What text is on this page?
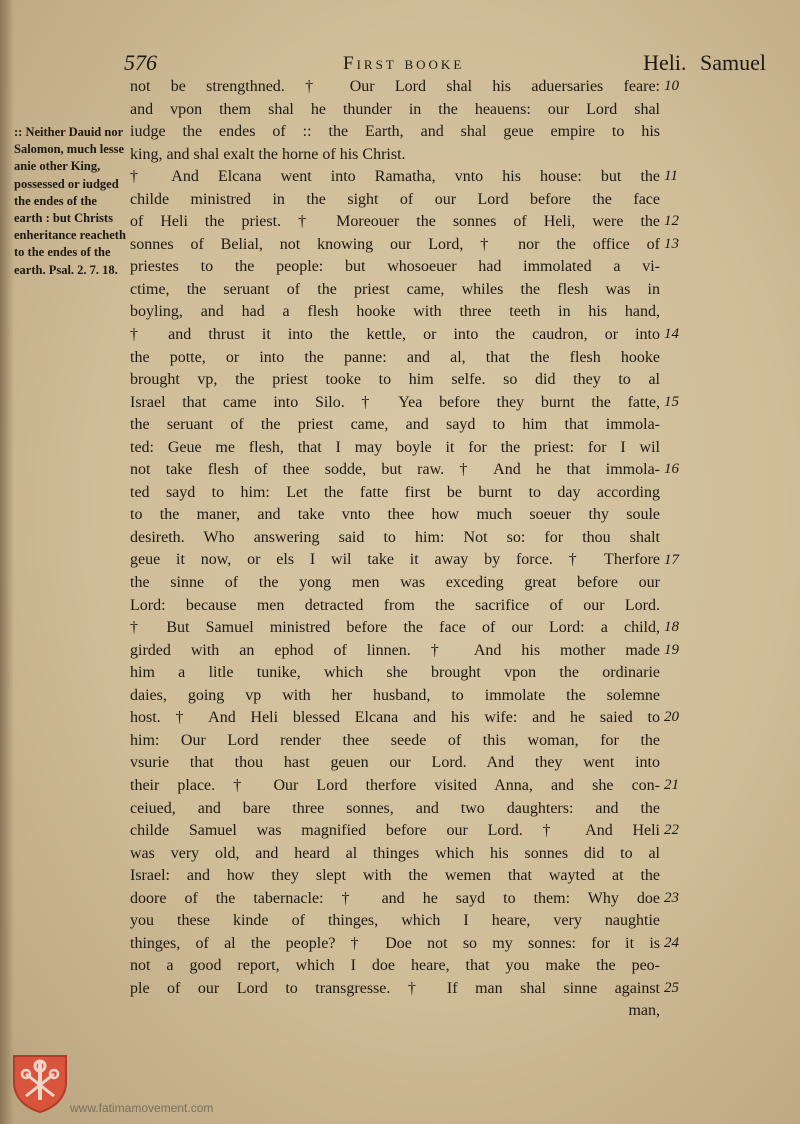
576	First booke	Heli. Samuel
:: Neither Dauid nor Salomon, much lesse anie other King, possessed or iudged the endes of the earth : but Christs enheritance reacheth to the endes of the earth. Psal. 2. 7. 18.
not be strengthned. † Our Lord shal his aduersaries feare:
and vpon them shal he thunder in the heauens: our Lord shal
iudge the endes of :: the Earth, and shal geue empire to his
king, and shal exalt the horne of his Christ.
† And Elcana went into Ramatha, vnto his house: but the
childe ministred in the sight of our Lord before the face
of Heli the priest. † Moreouer the sonnes of Heli, were the
sonnes of Belial, not knowing our Lord, † nor the office of
priestes to the people: but whosoeuer had immolated a vi-
ctime, the seruant of the priest came, whiles the flesh was in
boyling, and had a flesh hooke with three teeth in his hand,
† and thrust it into the kettle, or into the caudron, or into
the potte, or into the panne: and al, that the flesh hooke
brought vp, the priest tooke to him selfe. so did they to al
Israel that came into Silo. † Yea before they burnt the fatte,
the seruant of the priest came, and sayd to him that immola-
ted: Geue me flesh, that I may boyle it for the priest: for I wil
not take flesh of thee sodde, but raw. † And he that immola-
ted sayd to him: Let the fatte first be burnt to day according
to the maner, and take vnto thee how much soeuer thy soule
desireth. Who answering said to him: Not so: for thou shalt
geue it now, or els I wil take it away by force. † Therfore
the sinne of the yong men was exceding great before our
Lord: because men detracted from the sacrifice of our Lord.
† But Samuel ministred before the face of our Lord: a child,
girded with an ephod of linnen. † And his mother made
him a litle tunike, which she brought vpon the ordinarie
daies, going vp with her husband, to immolate the solemne
host. † And Heli blessed Elcana and his wife: and he saied to
him: Our Lord render thee seede of this woman, for the
vsurie that thou hast geuen our Lord. And they went into
their place. † Our Lord therfore visited Anna, and she con-
ceiued, and bare three sonnes, and two daughters: and the
childe Samuel was magnified before our Lord. † And Heli
was very old, and heard al thinges which his sonnes did to al
Israel: and how they slept with the wemen that wayted at the
doore of the tabernacle: † and he sayd to them: Why doe
you these kinde of thinges, which I heare, very naughtie
thinges, of al the people? † Doe not so my sonnes: for it is
not a good report, which I doe heare, that you make the peo-
ple of our Lord to transgresse. † If man shal sinne against
man,
10
11
12
13
14
15
16
17
18
19
20
21
22
23
24
25
www.fatimamovement.com
